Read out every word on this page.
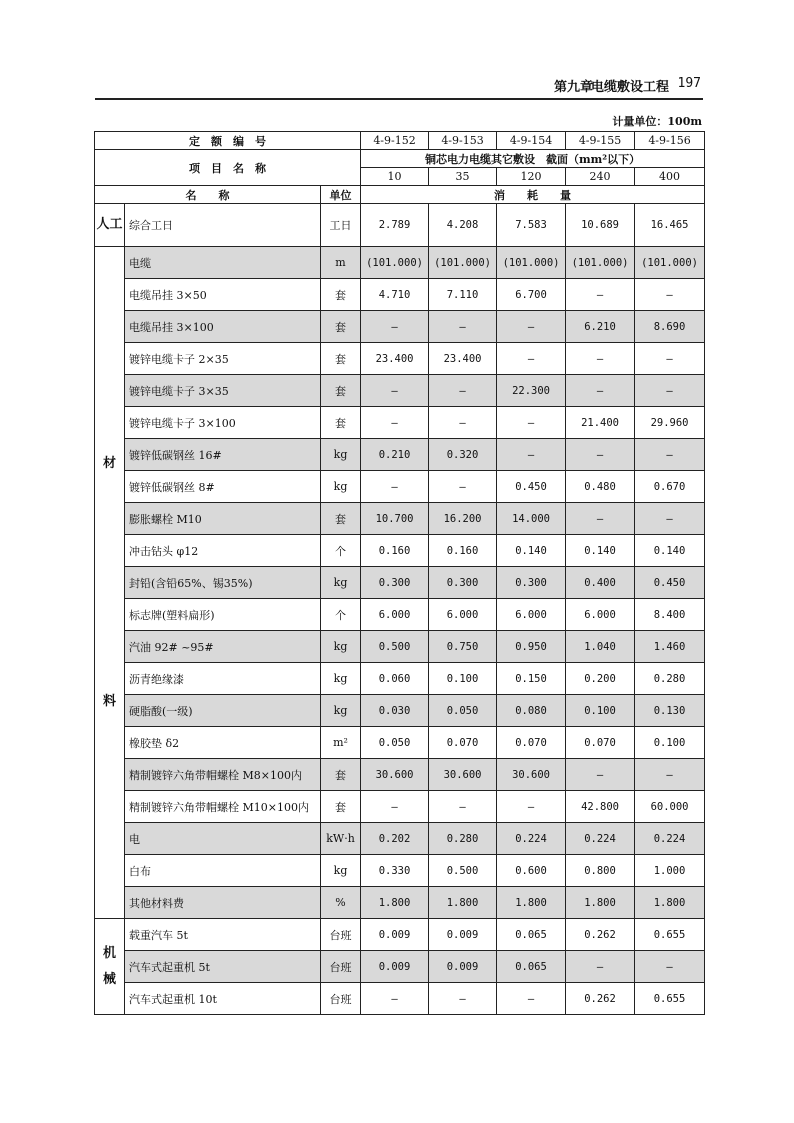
第九章
电缆敷设工程 197
计量单位：100m
定　额　编　号			4-9-152	4-9-153	4-9-154	4-9-155	4-9-156
项　目　名　称			铜芯电力电缆其它敷设　截面（mm²以下）				
			10	35	120	240	400
名　　称		单位	消　　耗　　量				
人工	综合工日	工日	2.789	4.208	7.583	10.689	16.465

材
料	电缆	m	(101.000)	(101.000)	(101.000)	(101.000)	(101.000)
	电缆吊挂 3×50	套	4.710	7.110	6.700	—	—
	电缆吊挂 3×100	套	—	—	—	6.210	8.690
	镀锌电缆卡子 2×35	套	23.400	23.400	—	—	—
	镀锌电缆卡子 3×35	套	—	—	22.300	—	—
	镀锌电缆卡子 3×100	套	—	—	—	21.400	29.960
	镀锌低碳钢丝 16#	kg	0.210	0.320	—	—	—
	镀锌低碳钢丝 8#	kg	—	—	0.450	0.480	0.670
	膨胀螺栓 M10	套	10.700	16.200	14.000	—	—
	冲击钻头 φ12	个	0.160	0.160	0.140	0.140	0.140
	封铅(含铅65%、锡35%)	kg	0.300	0.300	0.300	0.400	0.450
	标志牌(塑料扁形)	个	6.000	6.000	6.000	6.000	8.400
	汽油 92# ~95#	kg	0.500	0.750	0.950	1.040	1.460
	沥青绝缘漆	kg	0.060	0.100	0.150	0.200	0.280
	硬脂酸(一级)	kg	0.030	0.050	0.080	0.100	0.130
	橡胶垫 δ2	m²	0.050	0.070	0.070	0.070	0.100
	精制镀锌六角带帽螺栓 M8×100内	套	30.600	30.600	30.600	—	—
	精制镀锌六角带帽螺栓 M10×100内	套	—	—	—	42.800	60.000
	电	kW·h	0.202	0.280	0.224	0.224	0.224
	白布	kg	0.330	0.500	0.600	0.800	1.000
	其他材料费	%	1.800	1.800	1.800	1.800	1.800

机
械	载重汽车 5t	台班	0.009	0.009	0.065	0.262	0.655
	汽车式起重机 5t	台班	0.009	0.009	0.065	—	—
	汽车式起重机 10t	台班	—	—	—	0.262	0.655
